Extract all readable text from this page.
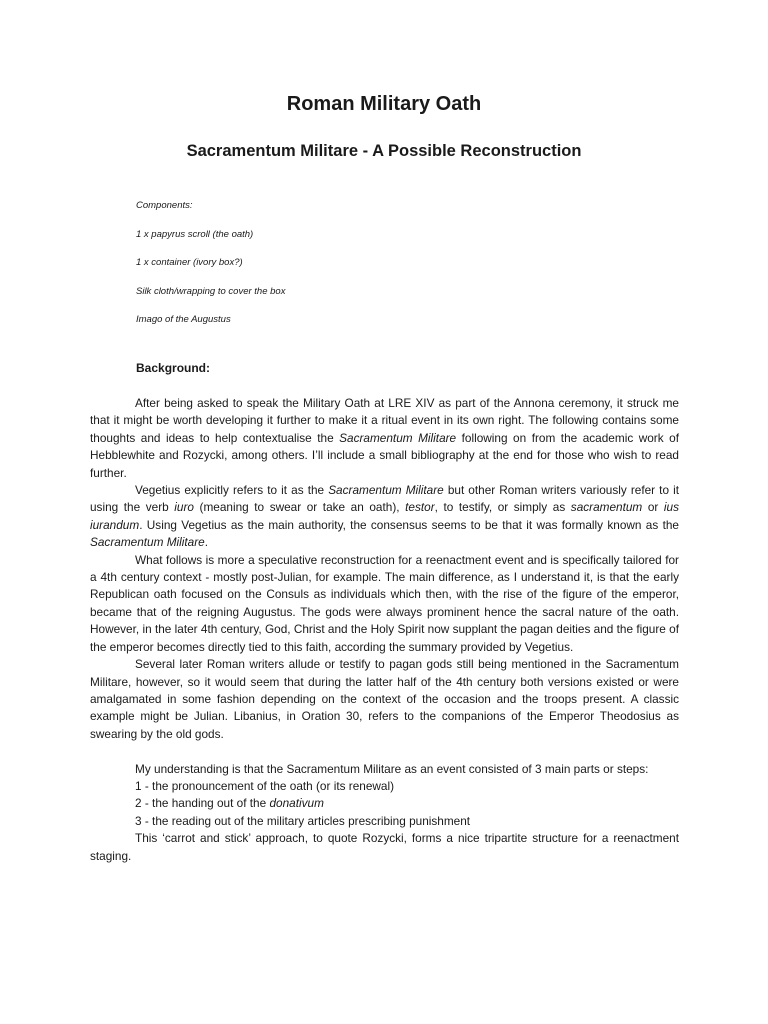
Roman Military Oath
Sacramentum Militare - A Possible Reconstruction
Components:
1 x papyrus scroll (the oath)
1 x container (ivory box?)
Silk cloth/wrapping to cover the box
Imago of the Augustus
Background:

After being asked to speak the Military Oath at LRE XIV as part of the Annona ceremony, it struck me that it might be worth developing it further to make it a ritual event in its own right. The following contains some thoughts and ideas to help contextualise the Sacramentum Militare following on from the academic work of Hebblewhite and Rozycki, among others. I’ll include a small bibliography at the end for those who wish to read further.

Vegetius explicitly refers to it as the Sacramentum Militare but other Roman writers variously refer to it using the verb iuro (meaning to swear or take an oath), testor, to testify, or simply as sacramentum or ius iurandum. Using Vegetius as the main authority, the consensus seems to be that it was formally known as the Sacramentum Militare.

What follows is more a speculative reconstruction for a reenactment event and is specifically tailored for a 4th century context - mostly post-Julian, for example. The main difference, as I understand it, is that the early Republican oath focused on the Consuls as individuals which then, with the rise of the figure of the emperor, became that of the reigning Augustus. The gods were always prominent hence the sacral nature of the oath. However, in the later 4th century, God, Christ and the Holy Spirit now supplant the pagan deities and the figure of the emperor becomes directly tied to this faith, according the summary provided by Vegetius.

Several later Roman writers allude or testify to pagan gods still being mentioned in the Sacramentum Militare, however, so it would seem that during the latter half of the 4th century both versions existed or were amalgamated in some fashion depending on the context of the occasion and the troops present. A classic example might be Julian. Libanius, in Oration 30, refers to the companions of the Emperor Theodosius as swearing by the old gods.

My understanding is that the Sacramentum Militare as an event consisted of 3 main parts or steps:

1 - the pronouncement of the oath (or its renewal)
2 - the handing out of the donativum
3 - the reading out of the military articles prescribing punishment

This ‘carrot and stick’ approach, to quote Rozycki, forms a nice tripartite structure for a reenactment staging.
